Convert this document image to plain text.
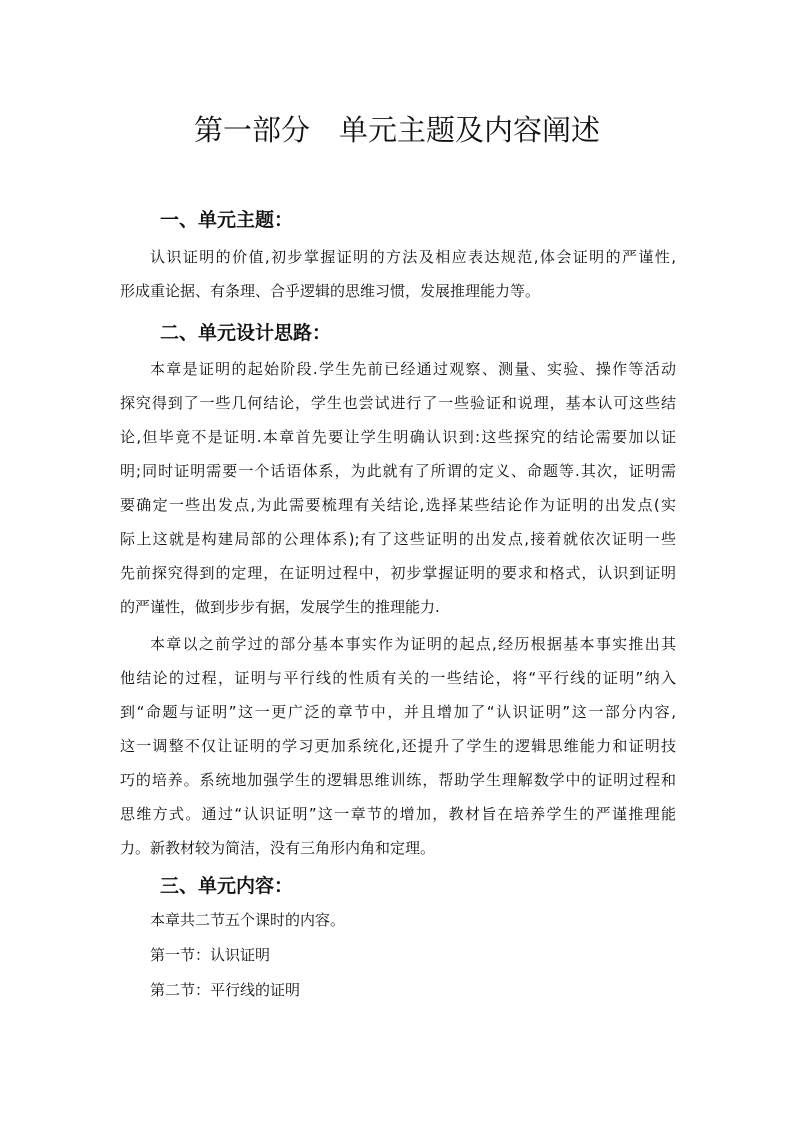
第一部分　单元主题及内容阐述
一、单元主题：
认识证明的价值,初步掌握证明的方法及相应表达规范,体会证明的严谨性,
形成重论据、有条理、合乎逻辑的思维习惯，发展推理能力等。
二、单元设计思路：
本章是证明的起始阶段.学生先前已经通过观察、测量、实验、操作等活动
探究得到了一些几何结论，学生也尝试进行了一些验证和说理，基本认可这些结
论,但毕竟不是证明.本章首先要让学生明确认识到:这些探究的结论需要加以证
明;同时证明需要一个话语体系，为此就有了所谓的定义、命题等.其次，证明需
要确定一些出发点,为此需要梳理有关结论,选择某些结论作为证明的出发点(实
际上这就是构建局部的公理体系);有了这些证明的出发点,接着就依次证明一些
先前探究得到的定理，在证明过程中，初步掌握证明的要求和格式，认识到证明
的严谨性，做到步步有据，发展学生的推理能力.
本章以之前学过的部分基本事实作为证明的起点,经历根据基本事实推出其
他结论的过程，证明与平行线的性质有关的一些结论，将“平行线的证明”纳入
到“命题与证明”这一更广泛的章节中，并且增加了“认识证明”这一部分内容,
这一调整不仅让证明的学习更加系统化,还提升了学生的逻辑思维能力和证明技
巧的培养。系统地加强学生的逻辑思维训练，帮助学生理解数学中的证明过程和
思维方式。通过“认识证明”这一章节的增加，教材旨在培养学生的严谨推理能
力。新教材较为简洁，没有三角形内角和定理。
三、单元内容：

本章共二节五个课时的内容。

第一节：认识证明

第二节：平行线的证明
